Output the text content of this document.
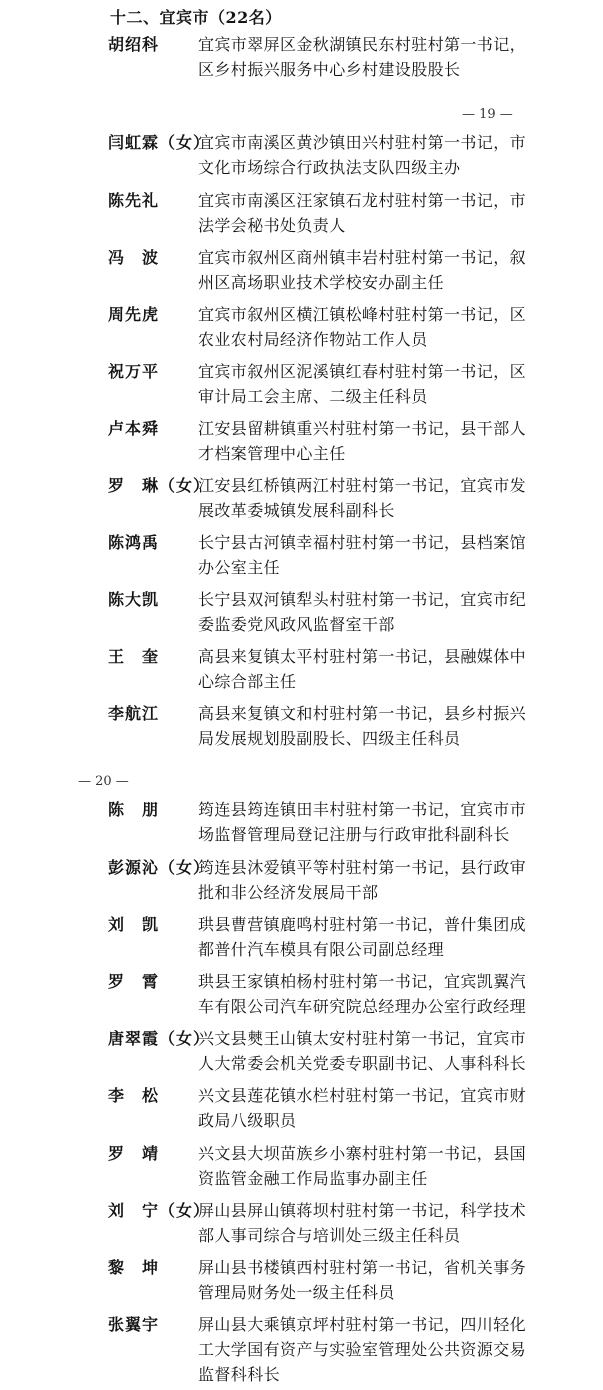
十二、宜宾市（22名）
— 19 —
— 20 —
胡绍科 宜宾市翠屏区金秋湖镇民东村驻村第一书记，
区乡村振兴服务中心乡村建设股股长
闫虹霖（女）
宜宾市南溪区黄沙镇田兴村驻村第一书记，市
文化市场综合行政执法支队四级主办
陈先礼 宜宾市南溪区汪家镇石龙村驻村第一书记，市
法学会秘书处负责人
冯　波 宜宾市叙州区商州镇丰岩村驻村第一书记，叙
州区高场职业技术学校安办副主任
周先虎 宜宾市叙州区横江镇松峰村驻村第一书记，区
农业农村局经济作物站工作人员
祝万平 宜宾市叙州区泥溪镇红春村驻村第一书记，区
审计局工会主席、二级主任科员
卢本舜 江安县留耕镇重兴村驻村第一书记，县干部人
才档案管理中心主任
罗　琳（女）
江安县红桥镇两江村驻村第一书记，宜宾市发
展改革委城镇发展科副科长
陈鸿禹 长宁县古河镇幸福村驻村第一书记，县档案馆
办公室主任
陈大凯 长宁县双河镇犁头村驻村第一书记，宜宾市纪
委监委党风政风监督室干部
王　奎 高县来复镇太平村驻村第一书记，县融媒体中
心综合部主任
李航江 高县来复镇文和村驻村第一书记，县乡村振兴
局发展规划股副股长、四级主任科员
陈　朋 筠连县筠连镇田丰村驻村第一书记，宜宾市市
场监督管理局登记注册与行政审批科副科长
彭源沁（女）
筠连县沐爱镇平等村驻村第一书记，县行政审
批和非公经济发展局干部
刘　凯 珙县曹营镇鹿鸣村驻村第一书记，普什集团成
都普什汽车模具有限公司副总经理
罗　霄 珙县王家镇柏杨村驻村第一书记，宜宾凯翼汽
车有限公司汽车研究院总经理办公室行政经理
唐翠霞（女）
兴文县僰王山镇太安村驻村第一书记，宜宾市
人大常委会机关党委专职副书记、人事科科长
李　松 兴文县莲花镇水栏村驻村第一书记，宜宾市财
政局八级职员
罗　靖 兴文县大坝苗族乡小寨村驻村第一书记，县国
资监管金融工作局监事办副主任
刘　宁（女）
屏山县屏山镇蒋坝村驻村第一书记，科学技术
部人事司综合与培训处三级主任科员
黎　坤 屏山县书楼镇西村驻村第一书记，省机关事务
管理局财务处一级主任科员
张翼宇 屏山县大乘镇京坪村驻村第一书记，四川轻化
工大学国有资产与实验室管理处公共资源交易
监督科科长
